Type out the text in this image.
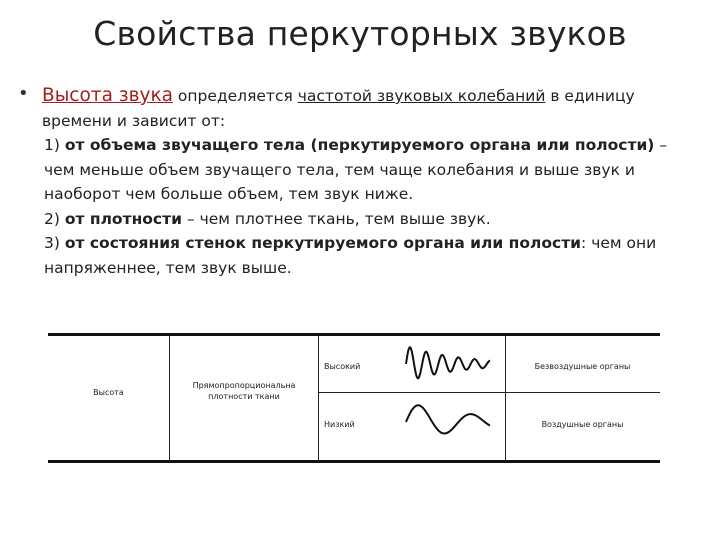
Свойства перкуторных звуков
• Высота звука определяется частотой звуковых колебаний в единицу времени и зависит от:
1) от объема звучащего тела (перкутируемого органа или полости) – чем меньше объем звучащего тела, тем чаще колебания и выше звук и наоборот чем больше объем, тем звук ниже.
2) от плотности – чем плотнее ткань, тем выше звук.
3) от состояния стенок перкутируемого органа или полости: чем они напряженнее, тем звук выше.
Высота
Прямопропорциональна плотности ткани
Высокий	Безвоздушные органы
Низкий	Воздушные органы
